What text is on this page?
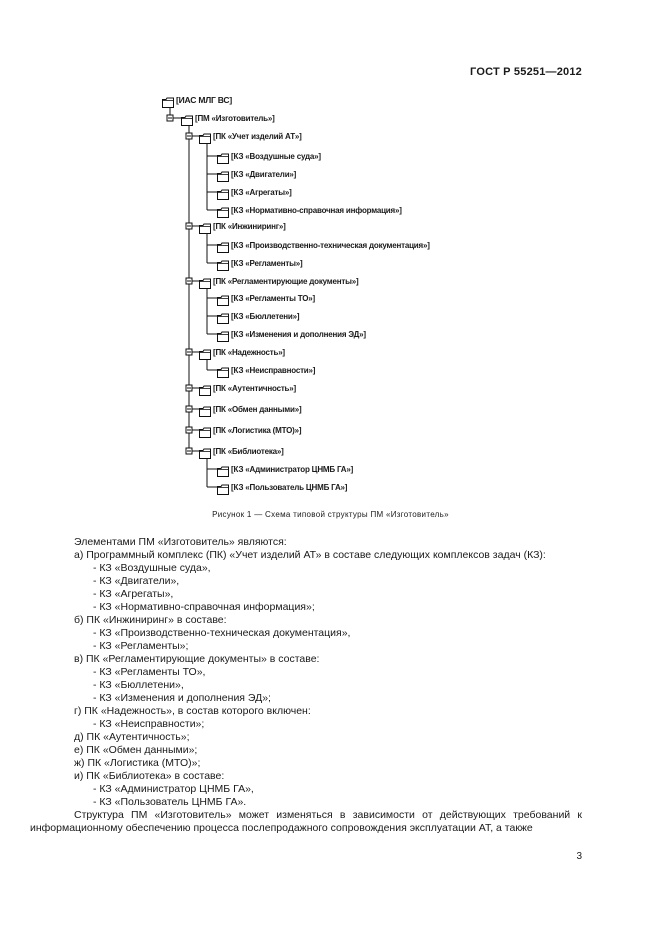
ГОСТ Р 55251—2012
[ИАС МЛГ ВС]
[ПМ «Изготовитель»]
[ПК «Учет изделий АТ»]
[КЗ «Воздушные суда»]
[КЗ «Двигатели»]
[КЗ «Агрегаты»]
[КЗ «Нормативно-справочная информация»]
[ПК «Инжиниринг»]
[КЗ «Производственно-техническая документация»]
[КЗ «Регламенты»]
[ПК «Регламентирующие документы»]
[КЗ «Регламенты ТО»]
[КЗ «Бюллетени»]
[КЗ «Изменения и дополнения ЭД»]
[ПК «Надежность»]
[КЗ «Неисправности»]
[ПК «Аутентичность»]
[ПК «Обмен данными»]
[ПК «Логистика (МТО)»]
[ПК «Библиотека»]
[КЗ «Администратор ЦНМБ ГА»]
[КЗ «Пользователь ЦНМБ ГА»]
Рисунок 1 — Схема типовой структуры ПМ «Изготовитель»
Элементами ПМ «Изготовитель» являются:
а) Программный комплекс (ПК) «Учет изделий АТ» в составе следующих комплексов задач (КЗ):
- КЗ «Воздушные суда»,
- КЗ «Двигатели»,
- КЗ «Агрегаты»,
- КЗ «Нормативно-справочная информация»;
б) ПК «Инжиниринг» в составе:
- КЗ «Производственно-техническая документация»,
- КЗ «Регламенты»;
в) ПК «Регламентирующие документы» в составе:
- КЗ «Регламенты ТО»,
- КЗ «Бюллетени»,
- КЗ «Изменения и дополнения ЭД»;
г) ПК «Надежность», в состав которого включен:
- КЗ «Неисправности»;
д) ПК «Аутентичность»;
е) ПК «Обмен данными»;
ж) ПК «Логистика (МТО)»;
и) ПК «Библиотека» в составе:
- КЗ «Администратор ЦНМБ ГА»,
- КЗ «Пользователь ЦНМБ ГА».
Структура ПМ «Изготовитель» может изменяться в зависимости от действующих требований к
информационному обеспечению процесса послепродажного сопровождения эксплуатации АТ, а также
3
